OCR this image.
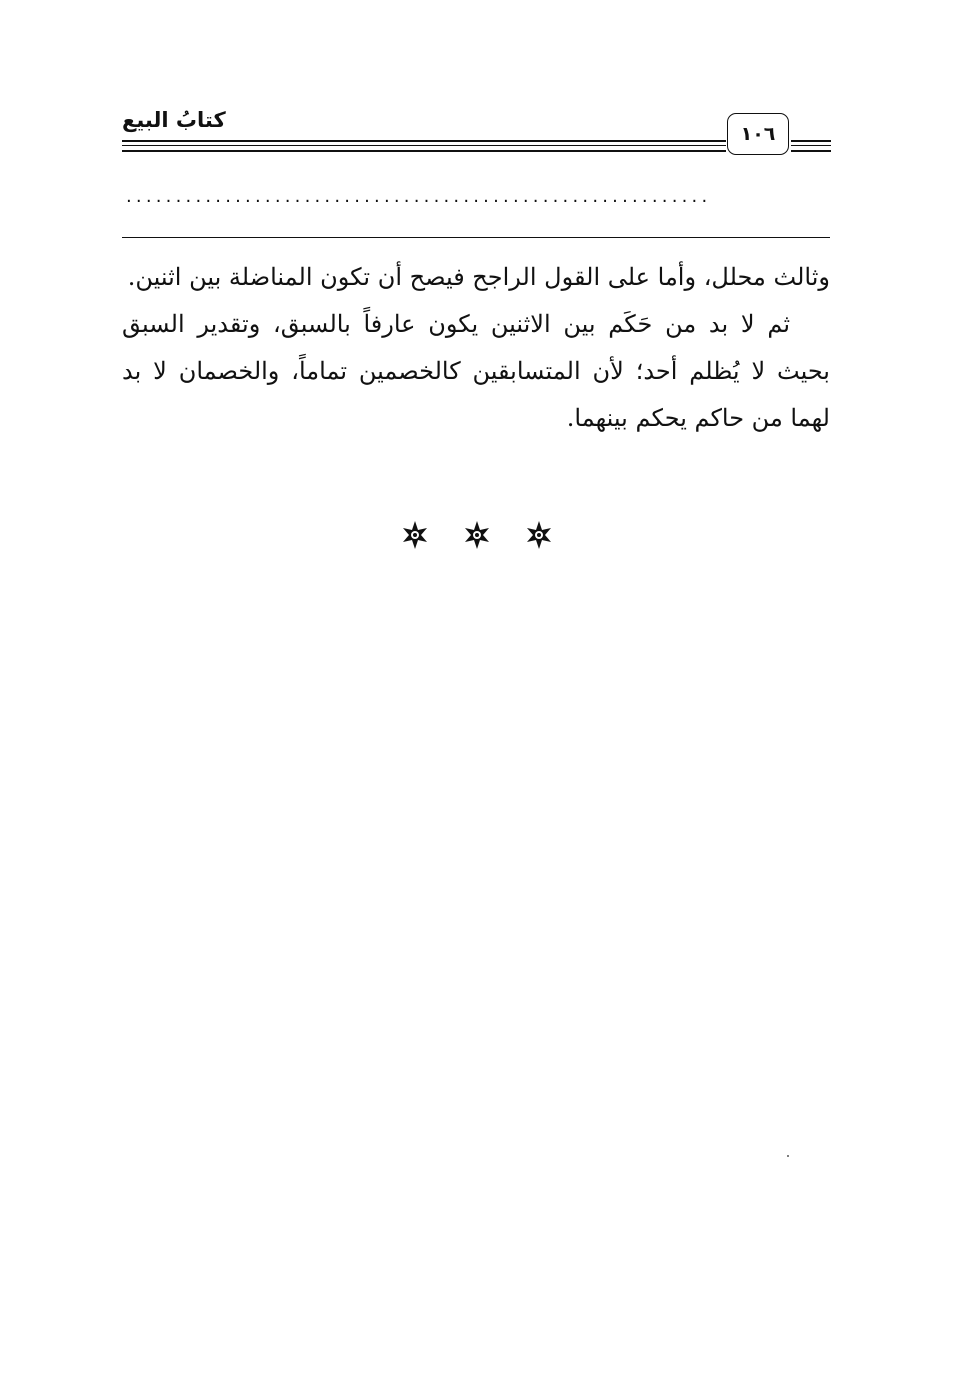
كتابُ البيع
١٠٦
...........................................................

وثالث محلل، وأما على القول الراجح فيصح أن تكون المناضلة بين اثنين.

ثم لا بد من حَكَم بين الاثنين يكون عارفاً بالسبق، وتقدير السبق بحيث لا يُظلم أحد؛ لأن المتسابقين كالخصمين تماماً، والخصمان لا بد لهما من حاكم يحكم بينهما.
